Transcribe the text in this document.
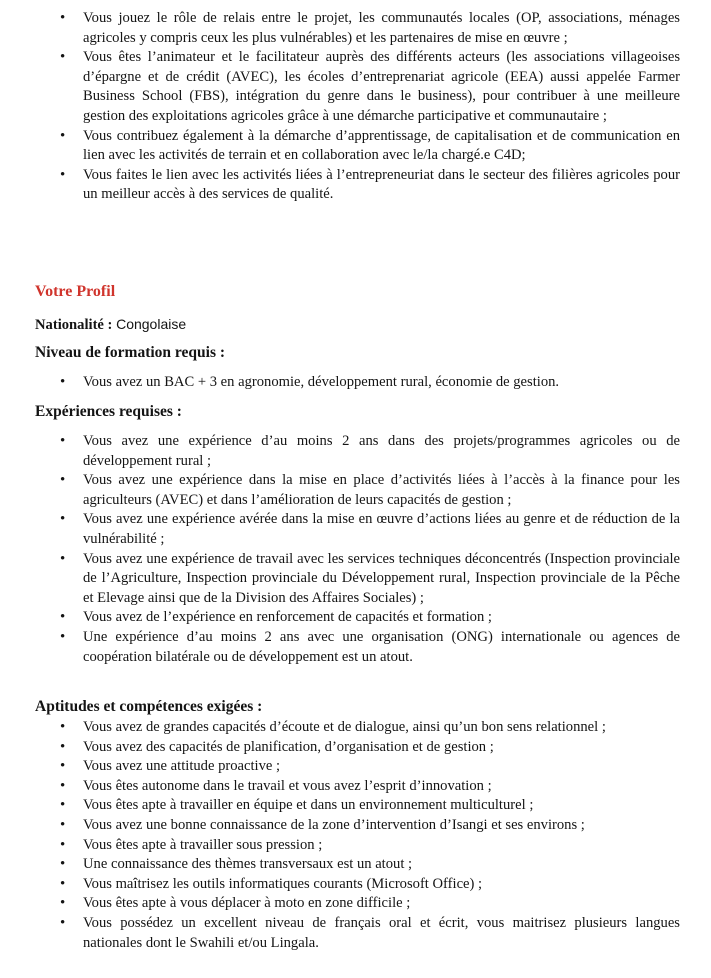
• Vous jouez le rôle de relais entre le projet, les communautés locales (OP, associations, ménages agricoles y compris ceux les plus vulnérables) et les partenaires de mise en œuvre ;
• Vous êtes l’animateur et le facilitateur auprès des différents acteurs (les associations villageoises d’épargne et de crédit (AVEC), les écoles d’entreprenariat agricole (EEA) aussi appelée Farmer Business School (FBS), intégration du genre dans le business), pour contribuer à une meilleure gestion des exploitations agricoles grâce à une démarche participative et communautaire ;
• Vous contribuez également à la démarche d’apprentissage, de capitalisation et de communication en lien avec les activités de terrain et en collaboration avec le/la chargé.e C4D;
• Vous faites le lien avec les activités liées à l’entrepreneuriat dans le secteur des filières agricoles pour un meilleur accès à des services de qualité.
Votre Profil

Nationalité : Congolaise

Niveau de formation requis :
• Vous avez un BAC + 3 en agronomie, développement rural, économie de gestion.
Expériences requises :
• Vous avez une expérience d’au moins 2 ans dans des projets/programmes agricoles ou de développement rural ;
• Vous avez une expérience dans la mise en place d’activités liées à l’accès à la finance pour les agriculteurs (AVEC) et dans l’amélioration de leurs capacités de gestion ;
• Vous avez une expérience avérée dans la mise en œuvre d’actions liées au genre et de réduction de la vulnérabilité ;
• Vous avez une expérience de travail avec les services techniques déconcentrés (Inspection provinciale de l’Agriculture, Inspection provinciale du Développement rural, Inspection provinciale de la Pêche et Elevage ainsi que de la Division des Affaires Sociales) ;
• Vous avez de l’expérience en renforcement de capacités et formation ;
• Une expérience d’au moins 2 ans avec une organisation (ONG) internationale ou agences de coopération bilatérale ou de développement est un atout.
Aptitudes et compétences exigées :
• Vous avez de grandes capacités d’écoute et de dialogue, ainsi qu’un bon sens relationnel ;
• Vous avez des capacités de planification, d’organisation et de gestion ;
• Vous avez une attitude proactive ;
• Vous êtes autonome dans le travail et vous avez l’esprit d’innovation ;
• Vous êtes apte à travailler en équipe et dans un environnement multiculturel ;
• Vous avez une bonne connaissance de la zone d’intervention d’Isangi et ses environs ;
• Vous êtes apte à travailler sous pression ;
• Une connaissance des thèmes transversaux est un atout ;
• Vous maîtrisez les outils informatiques courants (Microsoft Office) ;
• Vous êtes apte à vous déplacer à moto en zone difficile ;
• Vous possédez un excellent niveau de français oral et écrit, vous maitrisez plusieurs langues nationales dont le Swahili et/ou Lingala.
